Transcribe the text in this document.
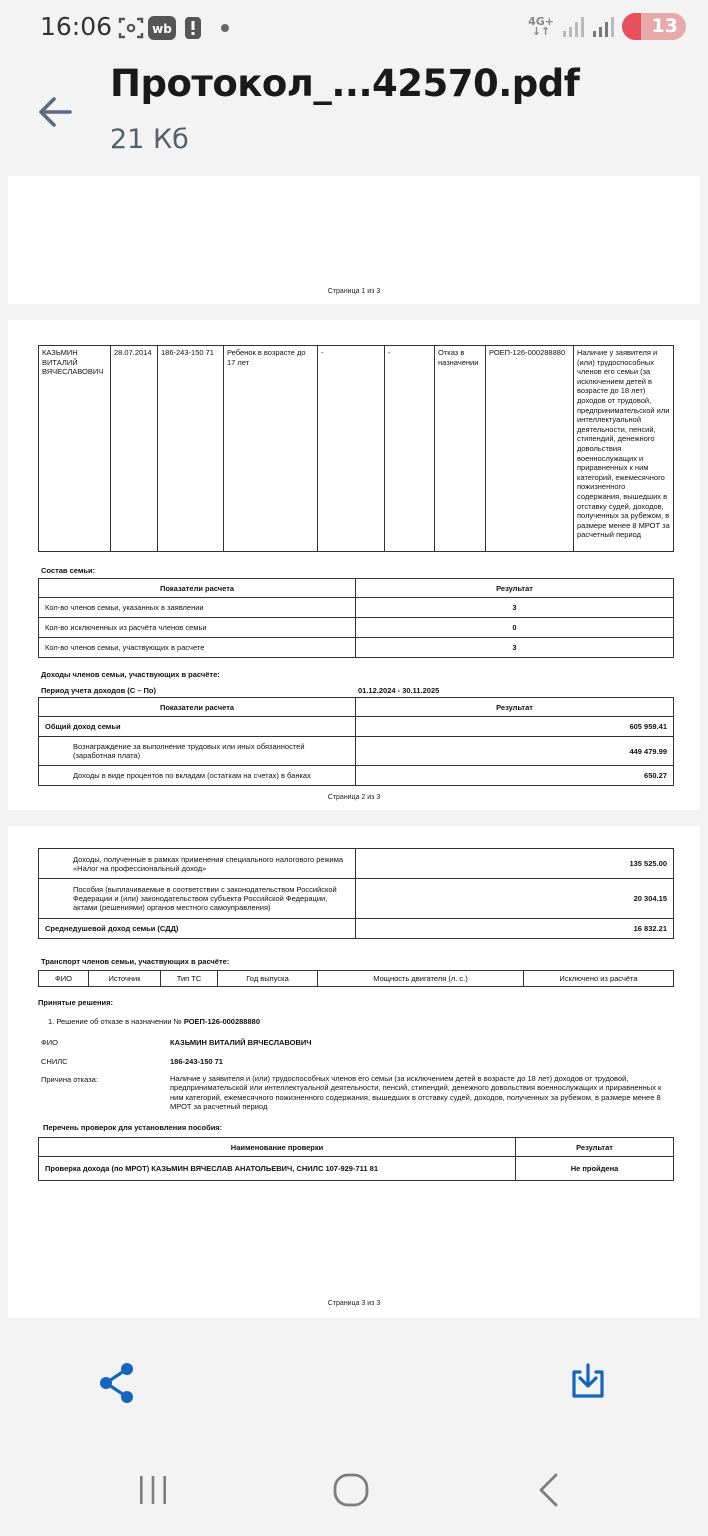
16:06	wb
4G+
↓↑	13
Протокол_...42570.pdf
21 Кб
Страница 1 из 3
КАЗЬМИН ВИТАЛИЙ ВЯЧЕСЛАВОВИЧ	28.07.2014	186-243-150 71	Ребенок в возрасте до 17 лет	-	-	Отказ в назначении	РОЕП-126-000288880	Наличие у заявителя и (или) трудоспособных членов его семьи (за исключением детей в возрасте до 18 лет) доходов от трудовой, предпринимательской или интеллектуальной деятельности, пенсий, стипендий, денежного довольствия военнослужащих и приравненных к ним категорий, ежемесячного пожизненного содержания, вышедших в отставку судей, доходов, полученных за рубежом, в размере менее 8 МРОТ за расчетный период
Состав семьи:
Показатели расчета	Результат
Кол-во членов семьи, указанных в заявлении	3
Кол-во исключенных из расчёта членов семьи	0
Кол-во членов семьи, участвующих в расчете	3
Доходы членов семьи, участвующих в расчёте:
Период учета доходов (С – По)	01.12.2024 - 30.11.2025
Показатели расчета	Результат
Общий доход семьи	605 959.41
Вознаграждение за выполнение трудовых или иных обязанностей (заработная плата)	449 479.99
Доходы в виде процентов по вкладам (остаткам на счетах) в банках	650.27
Страница 2 из 3
Доходы, полученные в рамках применения специального налогового режима «Налог на профессиональный доход»	135 525.00
Пособия (выплачиваемые в соответствии с законодательством Российской Федерации и (или) законодательством субъекта Российской Федерации, актами (решениями) органов местного самоуправления)	20 304.15
Среднедушевой доход семьи (СДД)	16 832.21
Транспорт членов семьи, участвующих в расчёте:
ФИО	Источник	Тип ТС	Год выпуска	Мощность двигателя (л. с.)	Исключено из расчёта
Принятые решения:
1. Решение об отказе в назначении № РОЕП-126-000288880
ФИО	КАЗЬМИН ВИТАЛИЙ ВЯЧЕСЛАВОВИЧ
СНИЛС	186-243-150 71
Причина отказа:	Наличие у заявителя и (или) трудоспособных членов его семьи (за исключением детей в возрасте до 18 лет) доходов от трудовой, предпринимательской или интеллектуальной деятельности, пенсий, стипендий, денежного довольствия военнослужащих и приравненных к ним категорий, ежемесячного пожизненного содержания, вышедших в отставку судей, доходов, полученных за рубежом, в размере менее 8 МРОТ за расчетный период
Перечень проверок для установления пособия:
Наименование проверки	Результат
Проверка дохода (по МРОТ) КАЗЬМИН ВЯЧЕСЛАВ АНАТОЛЬЕВИЧ, СНИЛС 107-929-711 81	Не пройдена
Страница 3 из 3
